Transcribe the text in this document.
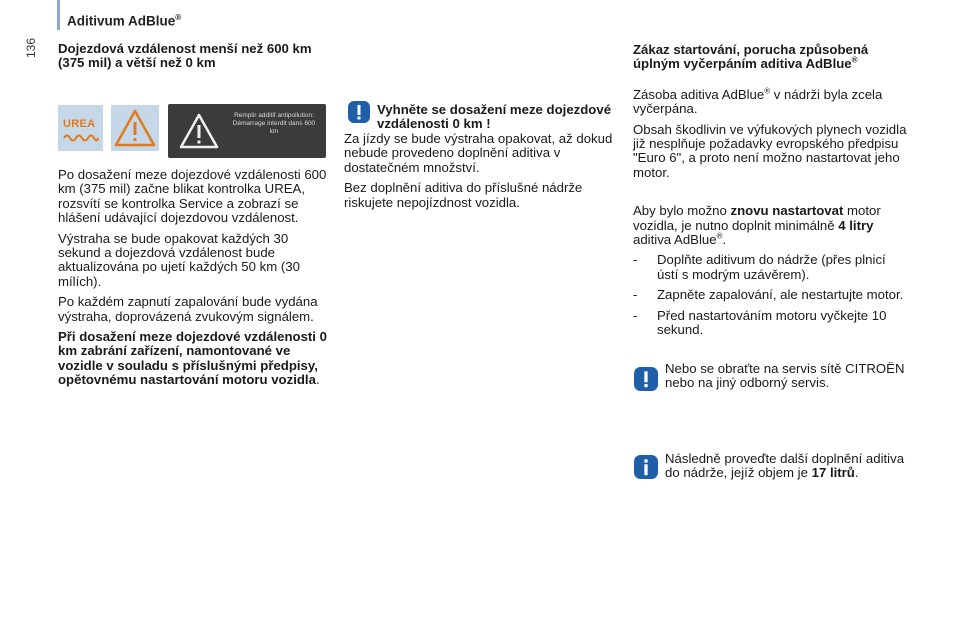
136
Aditivum AdBlue®

Dojezdová vzdálenost menší než 600 km (375 mil) a větší než 0 km

UREA
Remplir additif antipollution: Démarrage interdit dans 600 km

Po dosažení meze dojezdové vzdálenosti 600 km (375 mil) začne blikat kontrolka UREA, rozsvítí se kontrolka Service a zobrazí se hlášení udávající dojezdovou vzdálenost.

Výstraha se bude opakovat každých 30 sekund a dojezdová vzdálenost bude aktualizována po ujetí každých 50 km (30 mílích).

Po každém zapnutí zapalování bude vydána výstraha, doprovázená zvukovým signálem.

Při dosažení meze dojezdové vzdálenosti 0 km zabrání zařízení, namontované ve vozidle v souladu s příslušnými předpisy, opětovnému nastartování motoru vozidla.

Vyhněte se dosažení meze dojezdové vzdálenosti 0 km !

Za jízdy se bude výstraha opakovat, až dokud nebude provedeno doplnění aditiva v dostatečném množství.

Bez doplnění aditiva do příslušné nádrže riskujete nepojízdnost vozidla.

Zákaz startování, porucha způsobená úplným vyčerpáním aditiva AdBlue®

Zásoba aditiva AdBlue® v nádrži byla zcela vyčerpána.

Obsah škodlivin ve výfukových plynech vozidla již nesplňuje požadavky evropského předpisu "Euro 6", a proto není možno nastartovat jeho motor.

Aby bylo možno znovu nastartovat motor vozidla, je nutno doplnit minimálně 4 litry aditiva AdBlue®.

- Doplňte aditivum do nádrže (přes plnicí ústí s modrým uzávěrem).
- Zapněte zapalování, ale nestartujte motor.
- Před nastartováním motoru vyčkejte 10 sekund.
Nebo se obraťte na servis sítě CITROËN nebo na jiný odborný servis.
Následně proveďte další doplnění aditiva do nádrže, jejíž objem je 17 litrů.
